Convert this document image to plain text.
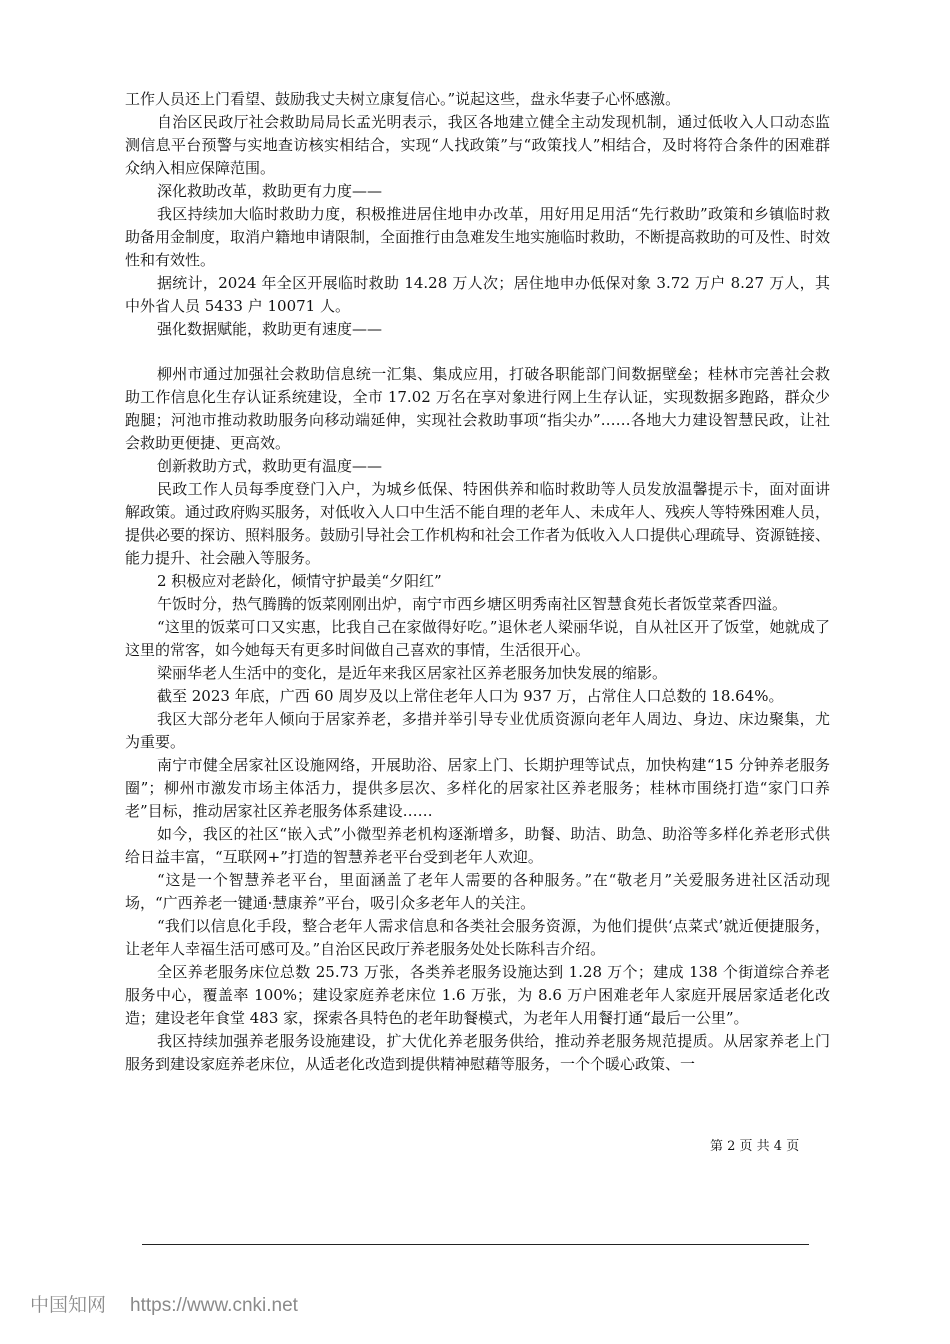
工作人员还上门看望、鼓励我丈夫树立康复信心。”说起这些，盘永华妻子心怀感激。

自治区民政厅社会救助局局长孟光明表示，我区各地建立健全主动发现机制，通过低收入人口动态监测信息平台预警与实地查访核实相结合，实现“人找政策”与“政策找人”相结合，及时将符合条件的困难群众纳入相应保障范围。

深化救助改革，救助更有力度——

我区持续加大临时救助力度，积极推进居住地申办改革，用好用足用活“先行救助”政策和乡镇临时救助备用金制度，取消户籍地申请限制，全面推行由急难发生地实施临时救助，不断提高救助的可及性、时效性和有效性。

据统计，2024 年全区开展临时救助 14.28 万人次；居住地申办低保对象 3.72 万户 8.27 万人，其中外省人员 5433 户 10071 人。

强化数据赋能，救助更有速度——

柳州市通过加强社会救助信息统一汇集、集成应用，打破各职能部门间数据壁垒；桂林市完善社会救助工作信息化生存认证系统建设，全市 17.02 万名在享对象进行网上生存认证，实现数据多跑路，群众少跑腿；河池市推动救助服务向移动端延伸，实现社会救助事项“指尖办”……各地大力建设智慧民政，让社会救助更便捷、更高效。

创新救助方式，救助更有温度——

民政工作人员每季度登门入户，为城乡低保、特困供养和临时救助等人员发放温馨提示卡，面对面讲解政策。通过政府购买服务，对低收入人口中生活不能自理的老年人、未成年人、残疾人等特殊困难人员，提供必要的探访、照料服务。鼓励引导社会工作机构和社会工作者为低收入人口提供心理疏导、资源链接、能力提升、社会融入等服务。

2 积极应对老龄化，倾情守护最美“夕阳红”

午饭时分，热气腾腾的饭菜刚刚出炉，南宁市西乡塘区明秀南社区智慧食苑长者饭堂菜香四溢。

“这里的饭菜可口又实惠，比我自己在家做得好吃。”退休老人梁丽华说，自从社区开了饭堂，她就成了这里的常客，如今她每天有更多时间做自己喜欢的事情，生活很开心。

梁丽华老人生活中的变化，是近年来我区居家社区养老服务加快发展的缩影。

截至 2023 年底，广西 60 周岁及以上常住老年人口为 937 万，占常住人口总数的 18.64%。

我区大部分老年人倾向于居家养老，多措并举引导专业优质资源向老年人周边、身边、床边聚集，尤为重要。

南宁市健全居家社区设施网络，开展助浴、居家上门、长期护理等试点，加快构建“15 分钟养老服务圈”；柳州市激发市场主体活力，提供多层次、多样化的居家社区养老服务；桂林市围绕打造“家门口养老”目标，推动居家社区养老服务体系建设……

如今，我区的社区“嵌入式”小微型养老机构逐渐增多，助餐、助洁、助急、助浴等多样化养老形式供给日益丰富，“互联网+”打造的智慧养老平台受到老年人欢迎。

“这是一个智慧养老平台，里面涵盖了老年人需要的各种服务。”在“敬老月”关爱服务进社区活动现场，“广西养老一键通·慧康养”平台，吸引众多老年人的关注。

“我们以信息化手段，整合老年人需求信息和各类社会服务资源，为他们提供‘点菜式’就近便捷服务，让老年人幸福生活可感可及。”自治区民政厅养老服务处处长陈科吉介绍。

全区养老服务床位总数 25.73 万张，各类养老服务设施达到 1.28 万个；建成 138 个街道综合养老服务中心，覆盖率 100%；建设家庭养老床位 1.6 万张，为 8.6 万户困难老年人家庭开展居家适老化改造；建设老年食堂 483 家，探索各具特色的老年助餐模式，为老年人用餐打通“最后一公里”。

我区持续加强养老服务设施建设，扩大优化养老服务供给，推动养老服务规范提质。从居家养老上门服务到建设家庭养老床位，从适老化改造到提供精神慰藉等服务，一个个暖心政策、一

第 2 页 共 4 页
中国知网 https://www.cnki.net
